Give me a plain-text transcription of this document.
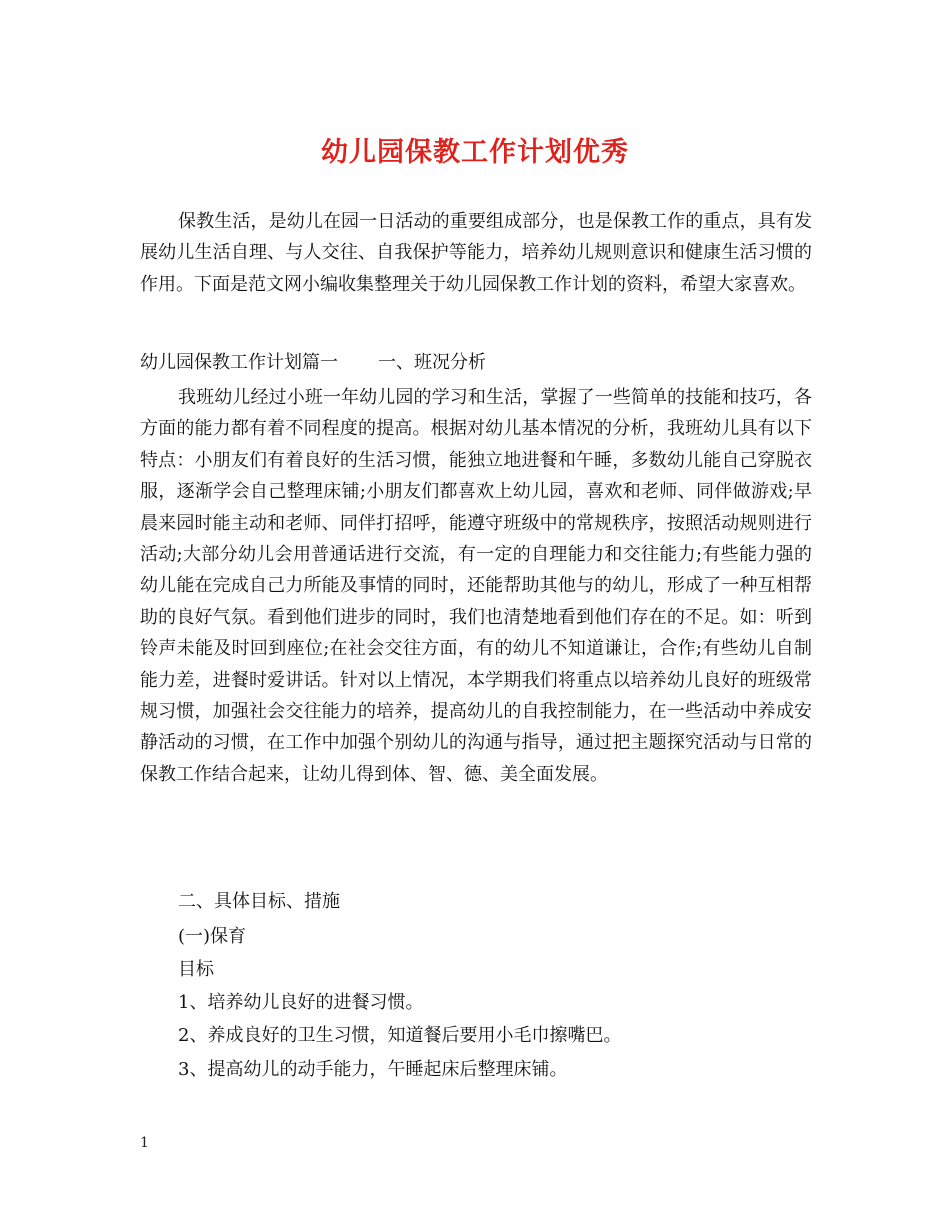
幼儿园保教工作计划优秀

保教生活，是幼儿在园一日活动的重要组成部分，也是保教工作的重点，具有发展幼儿生活自理、与人交往、自我保护等能力，培养幼儿规则意识和健康生活习惯的作用。下面是范文网小编收集整理关于幼儿园保教工作计划的资料，希望大家喜欢。

幼儿园保教工作计划篇一 一、班况分析

我班幼儿经过小班一年幼儿园的学习和生活，掌握了一些简单的技能和技巧，各方面的能力都有着不同程度的提高。根据对幼儿基本情况的分析，我班幼儿具有以下特点：小朋友们有着良好的生活习惯，能独立地进餐和午睡，多数幼儿能自己穿脱衣服，逐渐学会自己整理床铺;小朋友们都喜欢上幼儿园，喜欢和老师、同伴做游戏;早晨来园时能主动和老师、同伴打招呼，能遵守班级中的常规秩序，按照活动规则进行活动;大部分幼儿会用普通话进行交流，有一定的自理能力和交往能力;有些能力强的幼儿能在完成自己力所能及事情的同时，还能帮助其他与的幼儿，形成了一种互相帮助的良好气氛。看到他们进步的同时，我们也清楚地看到他们存在的不足。如：听到铃声未能及时回到座位;在社会交往方面，有的幼儿不知道谦让，合作;有些幼儿自制能力差，进餐时爱讲话。针对以上情况，本学期我们将重点以培养幼儿良好的班级常规习惯，加强社会交往能力的培养，提高幼儿的自我控制能力，在一些活动中养成安静活动的习惯，在工作中加强个别幼儿的沟通与指导，通过把主题探究活动与日常的保教工作结合起来，让幼儿得到体、智、德、美全面发展。

二、具体目标、措施

(一)保育

目标

1、培养幼儿良好的进餐习惯。

2、养成良好的卫生习惯，知道餐后要用小毛巾擦嘴巴。

3、提高幼儿的动手能力，午睡起床后整理床铺。

1
